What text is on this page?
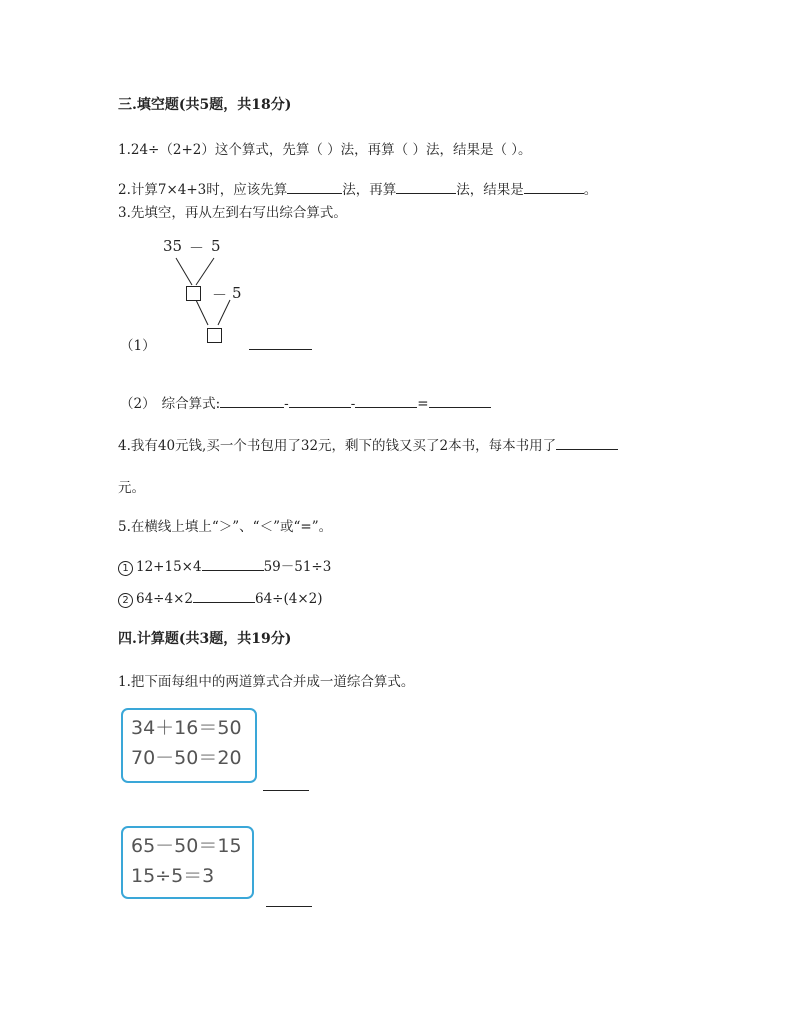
三.填空题(共5题，共18分)
1.24÷（2+2）这个算式，先算（ ）法，再算（ ）法，结果是（ ）。
2.计算7×4+3时，应该先算	法，再算	法，结果是	。
3.先填空，再从左到右写出综合算式。
35 － 5
－ 5
（1）
（2） 综合算式:	-	-	=
4.我有40元钱,买一个书包用了32元，剩下的钱又买了2本书，每本书用了
元。
5.在横线上填上“＞”、“＜”或“=”。
1 12+15×4	59－51÷3
2 64÷4×2	64÷(4×2)
四.计算题(共3题，共19分)
1.把下面每组中的两道算式合并成一道综合算式。
34＋16＝50
70－50＝20
65－50＝15
15÷5＝3
